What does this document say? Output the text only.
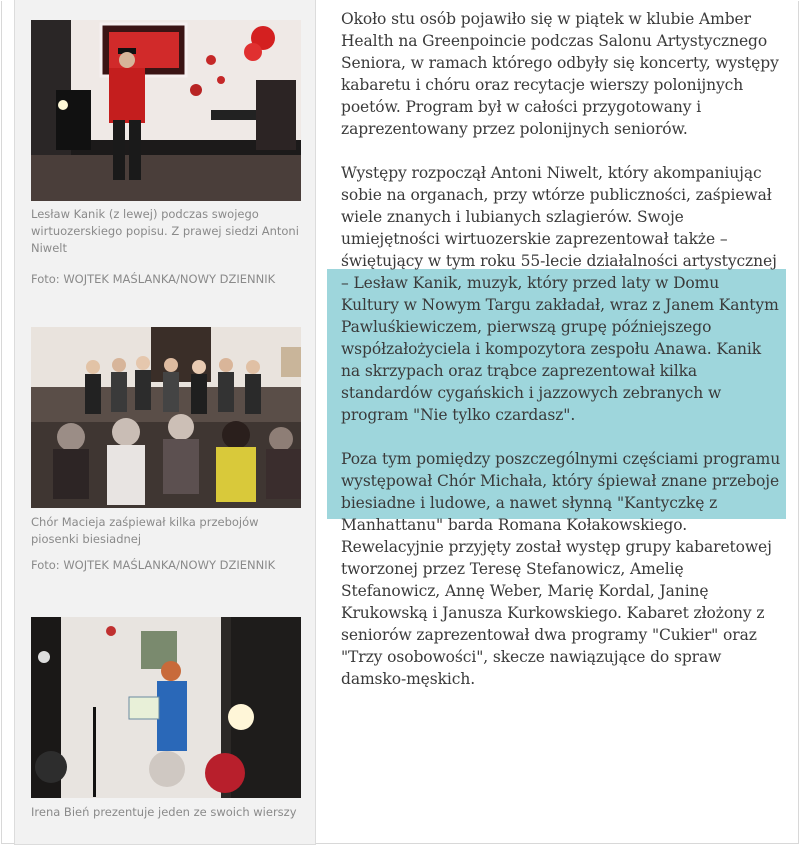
Lesław Kanik (z lewej) podczas swojego wirtuozerskiego popisu. Z prawej siedzi Antoni Niwelt
Foto: WOJTEK MAŚLANKA/NOWY DZIENNIK
Chór Macieja zaśpiewał kilka przebojów piosenki biesiadnej
Foto: WOJTEK MAŚLANKA/NOWY DZIENNIK
Irena Bień prezentuje jeden ze swoich wierszy

Około stu osób pojawiło się w piątek w klubie Amber Health na Greenpoincie podczas Salonu Artystycznego Seniora, w ramach którego odbyły się koncerty, występy kabaretu i chóru oraz recytacje wierszy polonijnych poetów. Program był w całości przygotowany i zaprezentowany przez polonijnych seniorów.

Występy rozpoczął Antoni Niwelt, który akompaniując sobie na organach, przy wtórze publiczności, zaśpiewał wiele znanych i lubianych szlagierów. Swoje umiejętności wirtuozerskie zaprezentował także – świętujący w tym roku 55-lecie działalności artystycznej – Lesław Kanik, muzyk, który przed laty w Domu Kultury w Nowym Targu zakładał, wraz z Janem Kantym Pawluśkiewiczem, pierwszą grupę późniejszego współzałożyciela i kompozytora zespołu Anawa. Kanik na skrzypach oraz trąbce zaprezentował kilka standardów cygańskich i jazzowych zebranych w program "Nie tylko czardasz".

Poza tym pomiędzy poszczególnymi częściami programu występował Chór Michała, który śpiewał znane przeboje biesiadne i ludowe, a nawet słynną "Kantyczkę z Manhattanu" barda Romana Kołakowskiego. Rewelacyjnie przyjęty został występ grupy kabaretowej tworzonej przez Teresę Stefanowicz, Amelię Stefanowicz, Annę Weber, Marię Kordal, Janinę Krukowską i Janusza Kurkowskiego. Kabaret złożony z seniorów zaprezentował dwa programy "Cukier" oraz "Trzy osobowości", skecze nawiązujące do spraw damsko-męskich.
